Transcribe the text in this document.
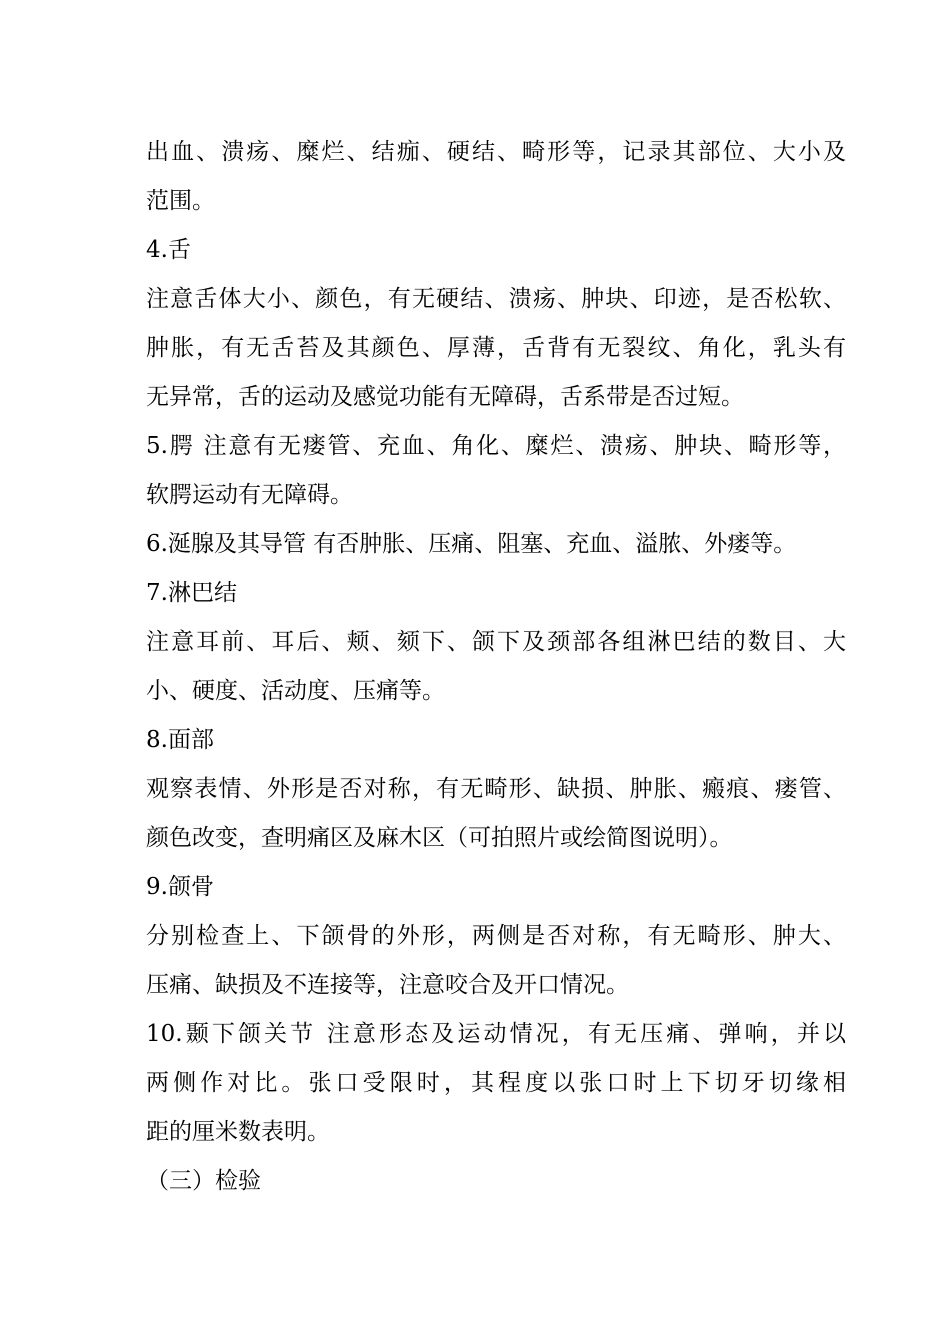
出血、溃疡、糜烂、结痂、硬结、畸形等，记录其部位、大小及
范围。
4.舌
注意舌体大小、颜色，有无硬结、溃疡、肿块、印迹，是否松软、
肿胀，有无舌苔及其颜色、厚薄，舌背有无裂纹、角化，乳头有
无异常，舌的运动及感觉功能有无障碍，舌系带是否过短。
5.腭 注意有无瘘管、充血、角化、糜烂、溃疡、肿块、畸形等，
软腭运动有无障碍。
6.涎腺及其导管 有否肿胀、压痛、阻塞、充血、溢脓、外瘘等。
7.淋巴结
注意耳前、耳后、颊、颏下、颌下及颈部各组淋巴结的数目、大
小、硬度、活动度、压痛等。
8.面部
观察表情、外形是否对称，有无畸形、缺损、肿胀、瘢痕、瘘管、
颜色改变，查明痛区及麻木区（可拍照片或绘简图说明）。
9.颌骨
分别检查上、下颌骨的外形，两侧是否对称，有无畸形、肿大、
压痛、缺损及不连接等，注意咬合及开口情况。
10.颞下颌关节 注意形态及运动情况，有无压痛、弹响，并以
两侧作对比。张口受限时，其程度以张口时上下切牙切缘相
距的厘米数表明。
（三）检验
